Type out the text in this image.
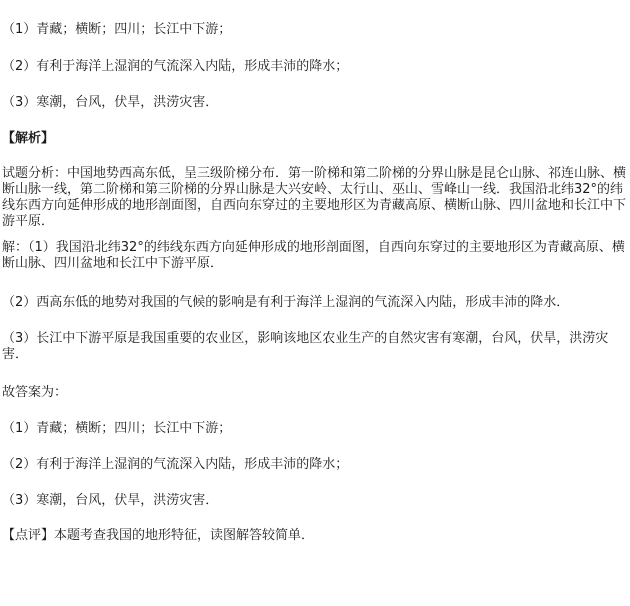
（1）青藏；横断；四川；长江中下游；
（2）有利于海洋上湿润的气流深入内陆，形成丰沛的降水；
（3）寒潮，台风，伏旱，洪涝灾害．
【解析】
试题分析：中国地势西高东低，呈三级阶梯分布．第一阶梯和第二阶梯的分界山脉是昆仑山脉、祁连山脉、横断山脉一线，第二阶梯和第三阶梯的分界山脉是大兴安岭、太行山、巫山、雪峰山一线．我国沿北纬32°的纬线东西方向延伸形成的地形剖面图，自西向东穿过的主要地形区为青藏高原、横断山脉、四川盆地和长江中下游平原．
解：（1）我国沿北纬32°的纬线东西方向延伸形成的地形剖面图，自西向东穿过的主要地形区为青藏高原、横断山脉、四川盆地和长江中下游平原．
（2）西高东低的地势对我国的气候的影响是有利于海洋上湿润的气流深入内陆，形成丰沛的降水．
（3）长江中下游平原是我国重要的农业区，影响该地区农业生产的自然灾害有寒潮，台风，伏旱，洪涝灾害．
故答案为：
（1）青藏；横断；四川；长江中下游；
（2）有利于海洋上湿润的气流深入内陆，形成丰沛的降水；
（3）寒潮，台风，伏旱，洪涝灾害．
【点评】本题考查我国的地形特征，读图解答较简单．
